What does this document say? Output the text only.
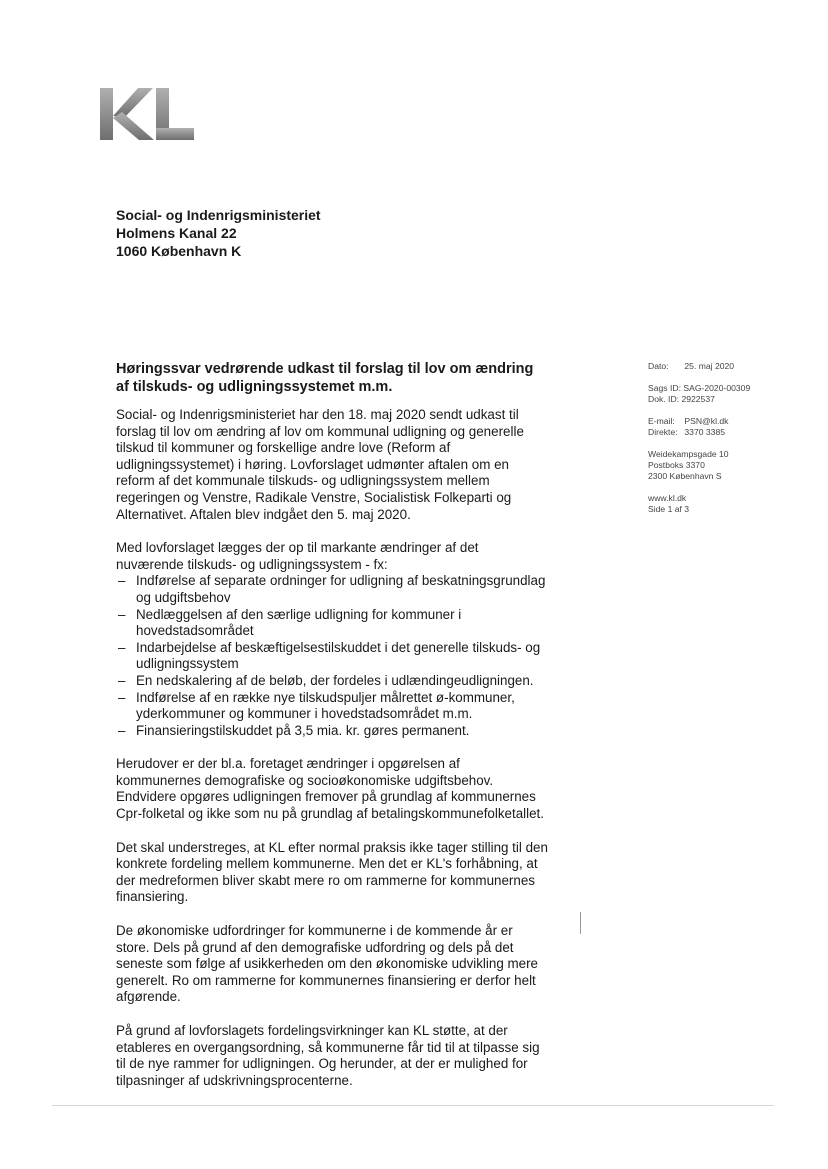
Social- og Indenrigsministeriet
Holmens Kanal 22
1060 København K
Dato: 25. maj 2020
Sags ID: SAG-2020-00309
Dok. ID: 2922537
E-mail: PSN@kl.dk
Direkte: 3370 3385
Weidekampsgade 10
Postboks 3370
2300 København S
www.kl.dk
Side 1 af 3
Høringssvar vedrørende udkast til forslag til lov om ændring af tilskuds- og udligningssystemet m.m.

Social- og Indenrigsministeriet har den 18. maj 2020 sendt udkast til forslag til lov om ændring af lov om kommunal udligning og generelle tilskud til kommuner og forskellige andre love (Reform af udligningssystemet) i høring. Lovforslaget udmønter aftalen om en reform af det kommunale tilskuds- og udligningssystem mellem regeringen og Venstre, Radikale Venstre, Socialistisk Folkeparti og Alternativet. Aftalen blev indgået den 5. maj 2020.

Med lovforslaget lægges der op til markante ændringer af det nuværende tilskuds- og udligningssystem - fx:

– Indførelse af separate ordninger for udligning af beskatningsgrundlag og udgiftsbehov
– Nedlæggelsen af den særlige udligning for kommuner i hovedstadsområdet
– Indarbejdelse af beskæftigelsestilskuddet i det generelle tilskuds- og udligningssystem
– En nedskalering af de beløb, der fordeles i udlændingeudligningen.
– Indførelse af en række nye tilskudspuljer målrettet ø-kommuner, yderkommuner og kommuner i hovedstadsområdet m.m.
– Finansieringstilskuddet på 3,5 mia. kr. gøres permanent.

Herudover er der bl.a. foretaget ændringer i opgørelsen af kommunernes demografiske og socioøkonomiske udgiftsbehov. Endvidere opgøres udligningen fremover på grundlag af kommunernes Cpr-folketal og ikke som nu på grundlag af betalingskommunefolketallet.

Det skal understreges, at KL efter normal praksis ikke tager stilling til den konkrete fordeling mellem kommunerne. Men det er KL's forhåbning, at der medreformen bliver skabt mere ro om rammerne for kommunernes finansiering.

De økonomiske udfordringer for kommunerne i de kommende år er store. Dels på grund af den demografiske udfordring og dels på det seneste som følge af usikkerheden om den økonomiske udvikling mere generelt. Ro om rammerne for kommunernes finansiering er derfor helt afgørende.

På grund af lovforslagets fordelingsvirkninger kan KL støtte, at der etableres en overgangsordning, så kommunerne får tid til at tilpasse sig til de nye rammer for udligningen. Og herunder, at der er mulighed for tilpasninger af udskrivningsprocenterne.
